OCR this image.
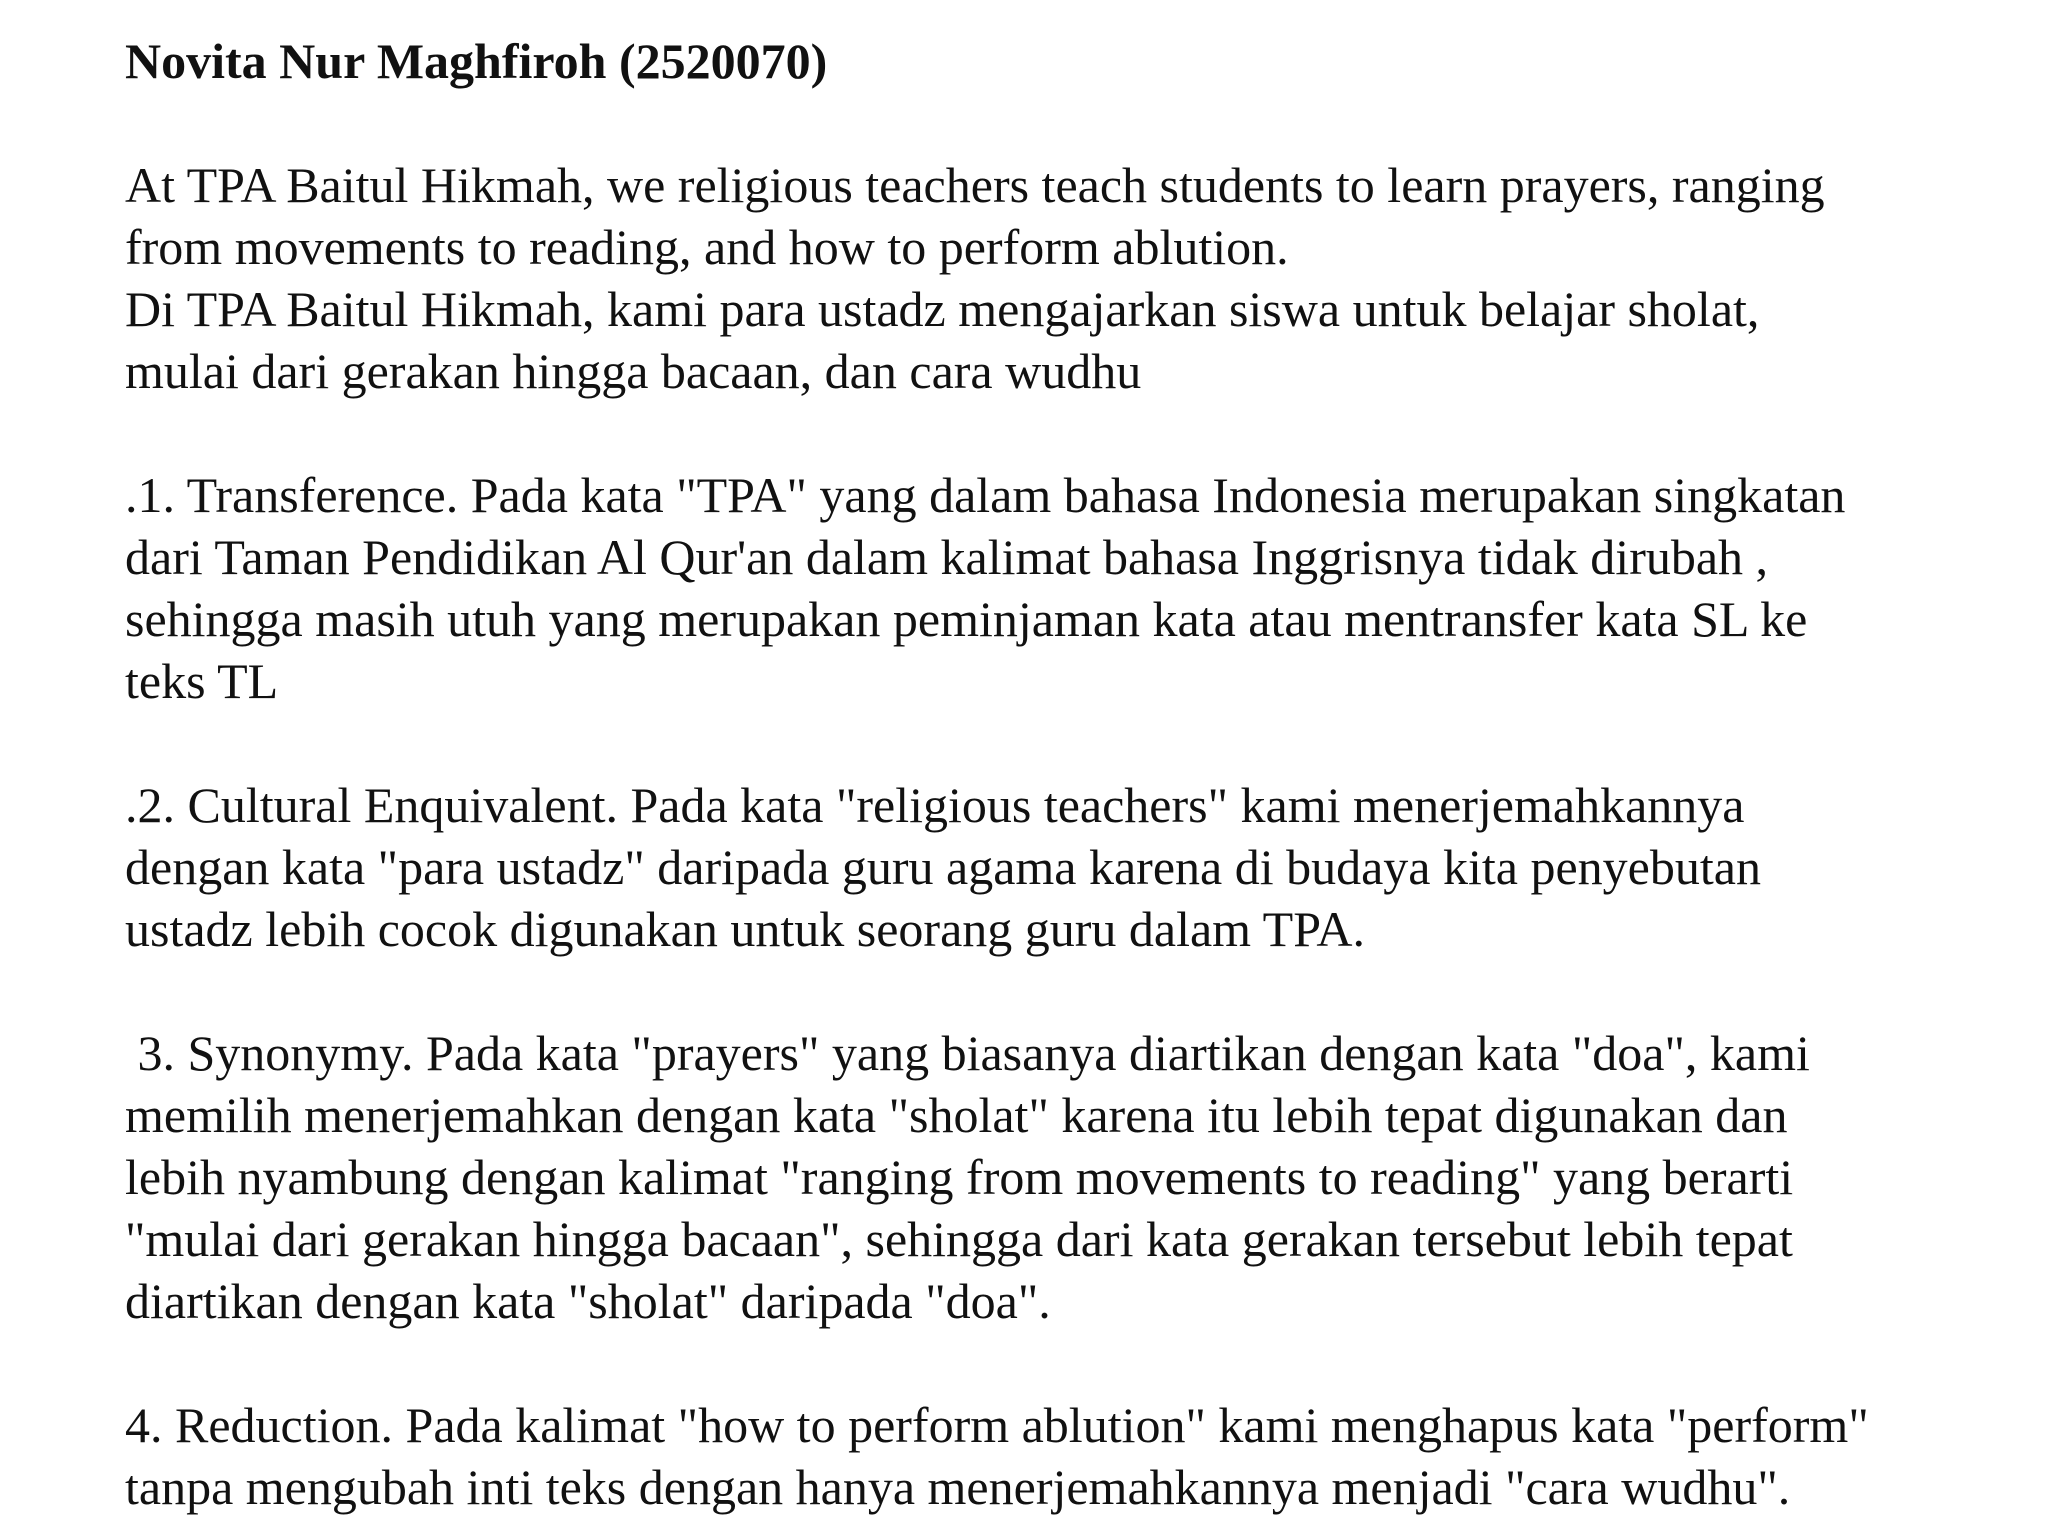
Novita Nur Maghfiroh (2520070)

At TPA Baitul Hikmah, we religious teachers teach students to learn prayers, ranging

from movements to reading, and how to perform ablution.

Di TPA Baitul Hikmah, kami para ustadz mengajarkan siswa untuk belajar sholat,

mulai dari gerakan hingga bacaan, dan cara wudhu

.1. Transference. Pada kata "TPA" yang dalam bahasa Indonesia merupakan singkatan

dari Taman Pendidikan Al Qur'an dalam kalimat bahasa Inggrisnya tidak dirubah ,

sehingga masih utuh yang merupakan peminjaman kata atau mentransfer kata SL ke

teks TL

.2. Cultural Enquivalent. Pada kata "religious teachers" kami menerjemahkannya

dengan kata "para ustadz" daripada guru agama karena di budaya kita penyebutan

ustadz lebih cocok digunakan untuk seorang guru dalam TPA.

3. Synonymy. Pada kata "prayers" yang biasanya diartikan dengan kata "doa", kami

memilih menerjemahkan dengan kata "sholat" karena itu lebih tepat digunakan dan

lebih nyambung dengan kalimat "ranging from movements to reading" yang berarti

"mulai dari gerakan hingga bacaan", sehingga dari kata gerakan tersebut lebih tepat

diartikan dengan kata "sholat" daripada "doa".

4. Reduction. Pada kalimat "how to perform ablution" kami menghapus kata "perform"

tanpa mengubah inti teks dengan hanya menerjemahkannya menjadi "cara wudhu".
